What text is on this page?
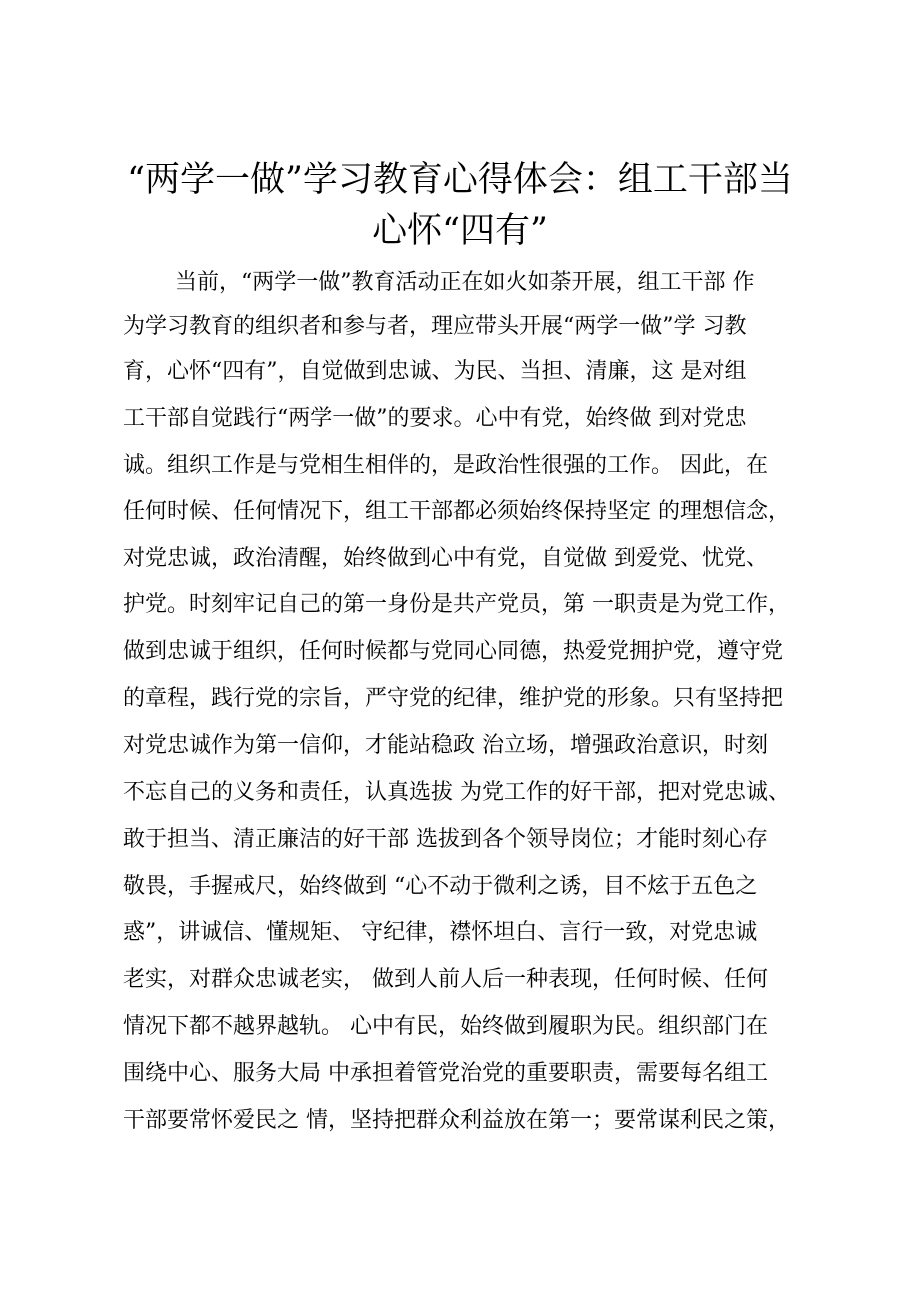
“两学一做”学习教育心得体会：组工干部当
心怀“四有”
当前，“两学一做”教育活动正在如火如荼开展，组工干部 作
为学习教育的组织者和参与者，理应带头开展“两学一做”学 习教
育，心怀“四有”，自觉做到忠诚、为民、当担、清廉，这 是对组
工干部自觉践行“两学一做”的要求。心中有党，始终做 到对党忠
诚。组织工作是与党相生相伴的，是政治性很强的工作。 因此，在
任何时候、任何情况下，组工干部都必须始终保持坚定 的理想信念，
对党忠诚，政治清醒，始终做到心中有党，自觉做 到爱党、忧党、
护党。时刻牢记自己的第一身份是共产党员，第 一职责是为党工作，
做到忠诚于组织，任何时候都与党同心同德，热爱党拥护党，遵守党
的章程，践行党的宗旨，严守党的纪律，维护党的形象。只有坚持把
对党忠诚作为第一信仰，才能站稳政 治立场，增强政治意识，时刻
不忘自己的义务和责任，认真选拔 为党工作的好干部，把对党忠诚、
敢于担当、清正廉洁的好干部 选拔到各个领导岗位；才能时刻心存
敬畏，手握戒尺，始终做到 “心不动于微利之诱，目不炫于五色之
惑”，讲诚信、懂规矩、 守纪律，襟怀坦白、言行一致，对党忠诚
老实，对群众忠诚老实， 做到人前人后一种表现，任何时候、任何
情况下都不越界越轨。 心中有民，始终做到履职为民。组织部门在
围绕中心、服务大局 中承担着管党治党的重要职责，需要每名组工
干部要常怀爱民之 情，坚持把群众利益放在第一；要常谋利民之策，
